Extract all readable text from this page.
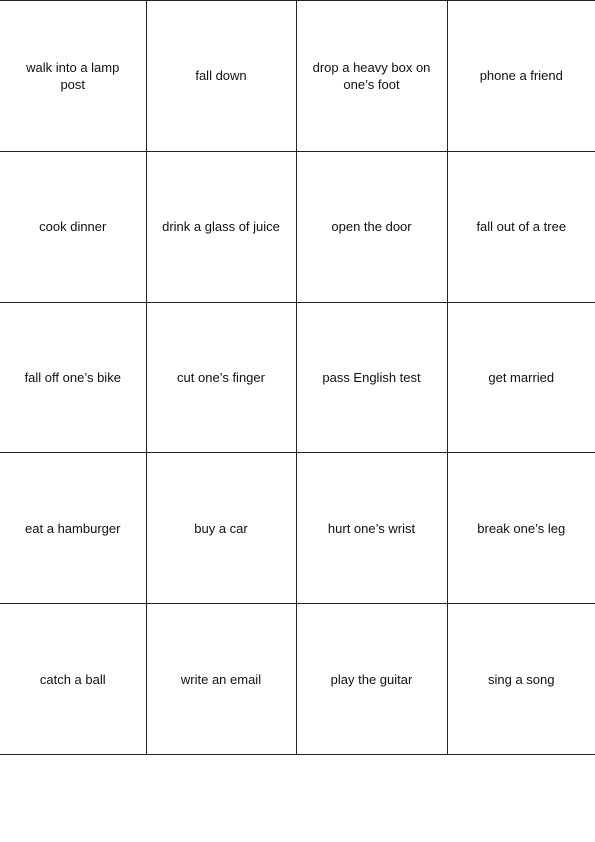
walk into a lamp post	fall down	drop a heavy box on one’s foot	phone a friend
cook dinner	drink a glass of juice	open the door	fall out of a tree
fall off one’s bike	cut one’s finger	pass English test	get married
eat a hamburger	buy a car	hurt one’s wrist	break one’s leg
catch a ball	write an email	play the guitar	sing a song
